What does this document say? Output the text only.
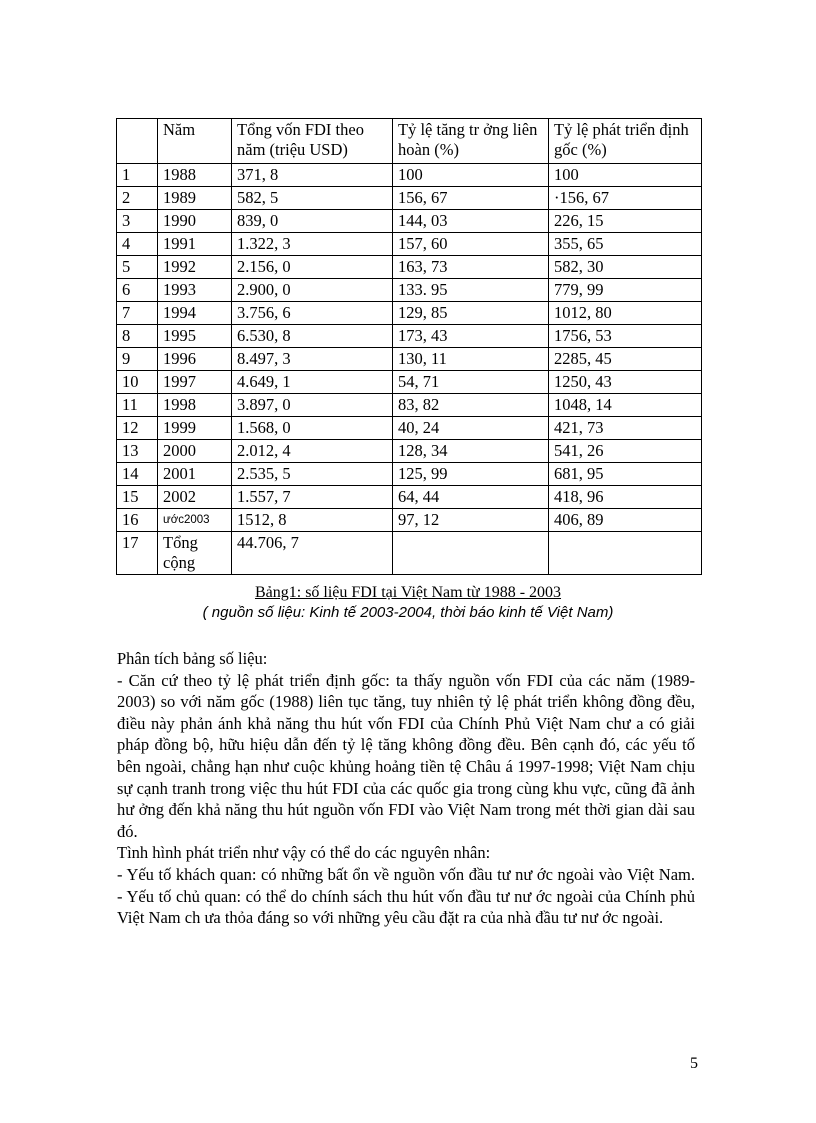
	Năm	Tổng vốn FDI theo năm (triệu USD)	Tỷ lệ tăng tr ởng liên hoàn (%)	Tỷ lệ phát triển định gốc (%)
1	1988	371, 8	100	100
2	1989	582, 5	156, 67	·156, 67
3	1990	839, 0	144, 03	226, 15
4	1991	1.322, 3	157, 60	355, 65
5	1992	2.156, 0	163, 73	582, 30
6	1993	2.900, 0	133. 95	779, 99
7	1994	3.756, 6	129, 85	1012, 80
8	1995	6.530, 8	173, 43	1756, 53
9	1996	8.497, 3	130, 11	2285, 45
10	1997	4.649, 1	54, 71	1250, 43
11	1998	3.897, 0	83, 82	1048, 14
12	1999	1.568, 0	40, 24	421, 73
13	2000	2.012, 4	128, 34	541, 26
14	2001	2.535, 5	125, 99	681, 95
15	2002	1.557, 7	64, 44	418, 96
16	ước2003	1512, 8	97, 12	406, 89
17	Tổng cộng	44.706, 7		
Bảng1: số liệu FDI tại Việt Nam từ 1988 - 2003
( nguồn số liệu: Kinh tế 2003-2004, thời báo kinh tế Việt Nam)

Phân tích bảng số liệu:

- Căn cứ theo tỷ lệ phát triển định gốc: ta thấy nguồn vốn FDI của các năm (1989-2003) so với năm gốc (1988) liên tục tăng, tuy nhiên tỷ lệ phát triển không đồng đều, điều này phản ánh khả năng thu hút vốn FDI của Chính Phủ Việt Nam chư a có giải pháp đồng bộ, hữu hiệu dẫn đến tỷ lệ tăng không đồng đều. Bên cạnh đó, các yếu tố bên ngoài, chẳng hạn như cuộc khủng hoảng tiền tệ Châu á 1997-1998; Việt Nam chịu sự cạnh tranh trong việc thu hút FDI của các quốc gia trong cùng khu vực, cũng đã ảnh hư ởng đến khả năng thu hút nguồn vốn FDI vào Việt Nam trong mét thời gian dài sau đó.

Tình hình phát triển như vậy có thể do các nguyên nhân:

- Yếu tố khách quan: có những bất ổn về nguồn vốn đầu tư nư ớc ngoài vào Việt Nam.

- Yếu tố chủ quan: có thể do chính sách thu hút vốn đầu tư nư ớc ngoài của Chính phủ Việt Nam ch ưa thỏa đáng so với những yêu cầu đặt ra của nhà đầu tư nư ớc ngoài.

5
